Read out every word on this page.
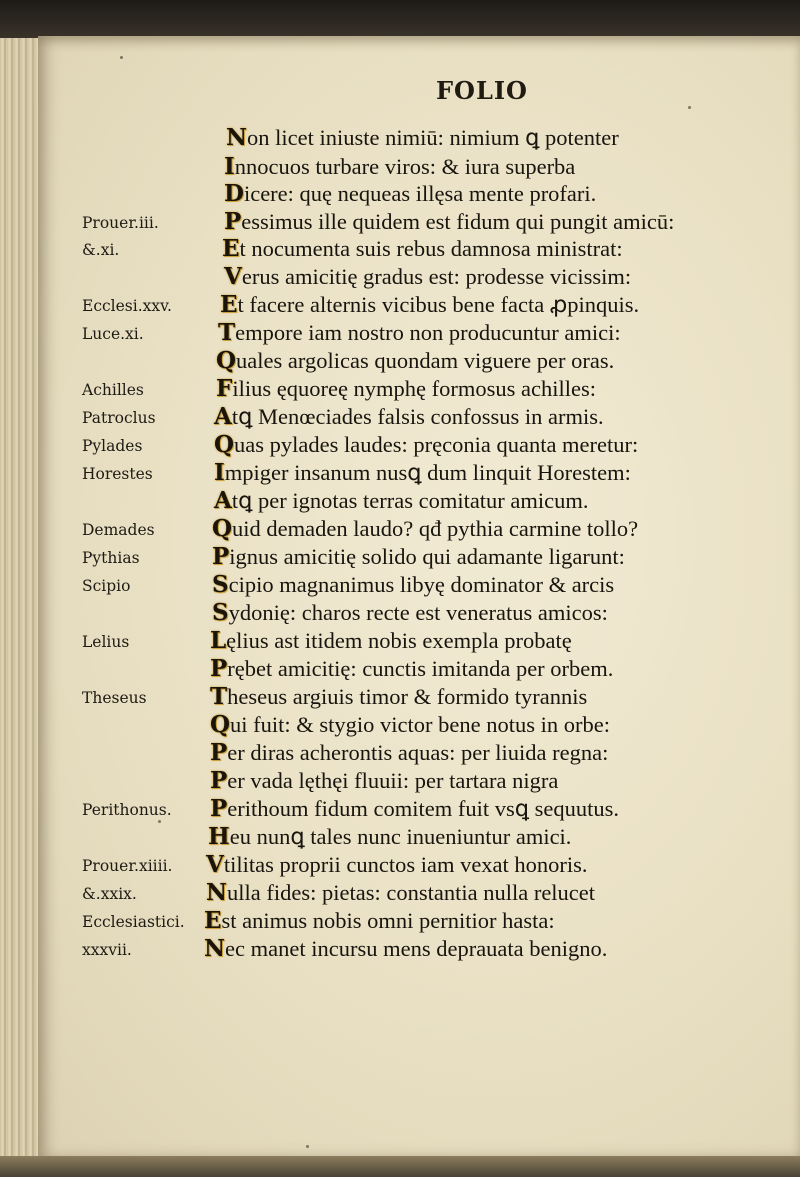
FOLIO
Non licet iniuste nimiū: nimium ꝗ potenter
Innocuos turbare viros: & iura superba
Dicere: quę nequeas illęsa mente profari.
Prouer.iii.	Pessimus ille quidem est fidum qui pungit amicū:
&.xi.	Et nocumenta suis rebus damnosa ministrat:
Verus amicitię gradus est: prodesse vicissim:
Ecclesi.xxv.	Et facere alternis vicibus bene facta ꝓpinquis.
Luce.xi.	Tempore iam nostro non producuntur amici:
Quales argolicas quondam viguere per oras.
Achilles	Filius ęquoreę nymphę formosus achilles:
Patroclus	Atꝗ Menœciades falsis confossus in armis.
Pylades	Quas pylades laudes: pręconia quanta meretur:
Horestes	Impiger insanum nusꝗ dum linquit Horestem:
Atꝗ per ignotas terras comitatur amicum.
Demades	Quid demaden laudo? qđ pythia carmine tollo?
Pythias	Pignus amicitię solido qui adamante ligarunt:
Scipio	Scipio magnanimus libyę dominator & arcis
Sydonię: charos recte est veneratus amicos:
Lelius	Lęlius ast itidem nobis exempla probatę
Prębet amicitię: cunctis imitanda per orbem.
Theseus	Theseus argiuis timor & formido tyrannis
Qui fuit: & stygio victor bene notus in orbe:
Per diras acherontis aquas: per liuida regna:
Per vada lęthęi fluuii: per tartara nigra
Perithonus.	Perithoum fidum comitem fuit vsꝗ sequutus.
Heu nunꝗ tales nunc inueniuntur amici.
Prouer.xiiii.	Vtilitas proprii cunctos iam vexat honoris.
&.xxix.	Nulla fides: pietas: constantia nulla relucet
Ecclesiastici. Est animus nobis omni pernitior hasta:
xxxvii.	Nec manet incursu mens deprauata benigno.
